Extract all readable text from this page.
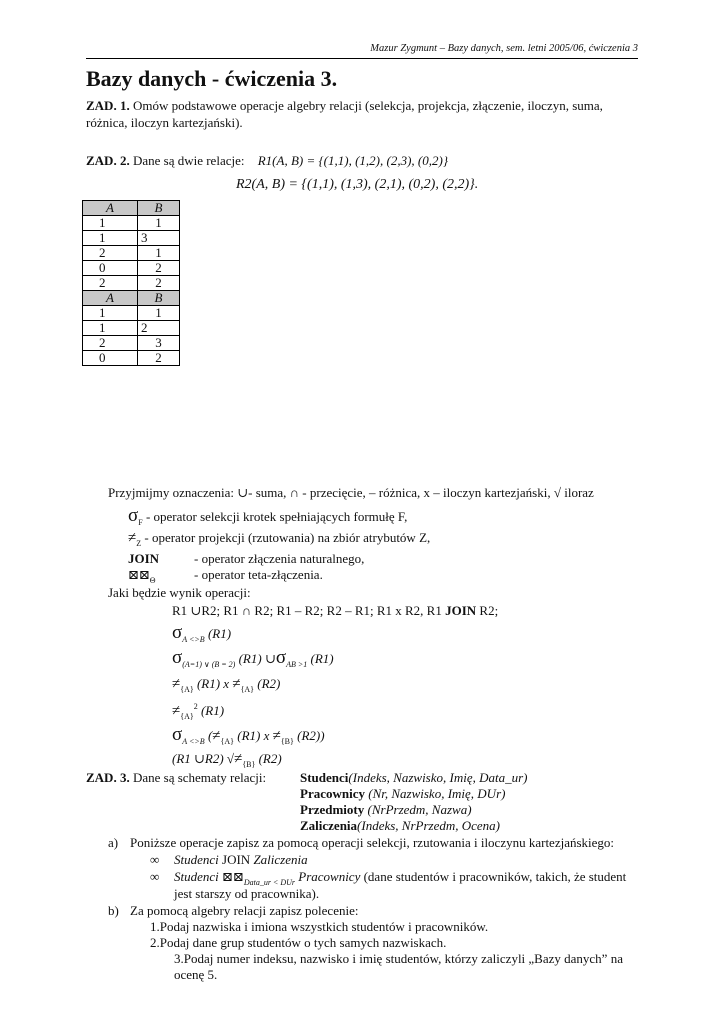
Mazur Zygmunt – Bazy danych, sem. letni 2005/06, ćwiczenia 3
Bazy danych - ćwiczenia 3.
ZAD. 1. Omów podstawowe operacje algebry relacji (selekcja, projekcja, złączenie, iloczyn, suma,
różnica, iloczyn kartezjański).
ZAD. 2. Dane są dwie relacje: R1(A, B) = {(1,1), (1,2), (2,3), (0,2)}
R2(A, B) = {(1,1), (1,3), (2,1), (0,2), (2,2)}.
A	B
1	1
1	3
2	1
0	2
2	2
A	B
1	1
1	2
2	3
0	2
Przyjmijmy oznaczenia: ∪- suma, ∩ - przecięcie, – różnica, x – iloczyn kartezjański, √ iloraz
$\sigma_F$ - operator selekcji krotek spełniających formułę F,
$\ne_Z$ - operator projekcji (rzutowania) na zbiór atrybutów Z,
JOIN	- operator złączenia naturalnego,
$⊠⊠_\Theta$	- operator teta-złączenia.
Jaki będzie wynik operacji:
R1 ∪R2; R1 ∩ R2; R1 – R2; R2 – R1; R1 x R2, R1 JOIN R2;
$\sigma_{A <>B}$ (R1)
$\sigma_{(A=1) \vee (B = 2)}$ (R1) $\cup\sigma_{AB >1}$ (R1)
$\ne_{\{A\}}$ (R1) $x \ne_{\{A\}}$ (R2)
$\ne_{\{A\}}^2$ (R1)
$\sigma_{A <>B}$ ($\ne_{\{A\}}$ (R1) $x \ne_{\{B\}}$ (R2))
(R1 ∪R2) $√\ne_{\{B\}}$ (R2)
ZAD. 3. Dane są schematy relacji:	Studenci(Indeks, Nazwisko, Imię, Data_ur)
Pracownicy (Nr, Nazwisko, Imię, DUr)
Przedmioty (NrPrzedm, Nazwa)
Zaliczenia(Indeks, NrPrzedm, Ocena)
a) Poniższe operacje zapisz za pomocą operacji selekcji, rzutowania i iloczynu kartezjańskiego:
∞ Studenci JOIN Zaliczenia
∞ Studenci $⊠⊠_{Data\_ur < DUr}$ Pracownicy (dane studentów i pracowników, takich, że student
jest starszy od pracownika).
b) Za pomocą algebry relacji zapisz polecenie:
1.Podaj nazwiska i imiona wszystkich studentów i pracowników.
2.Podaj dane grup studentów o tych samych nazwiskach.
3.Podaj numer indeksu, nazwisko i imię studentów, którzy zaliczyli „Bazy danych” na
ocenę 5.
